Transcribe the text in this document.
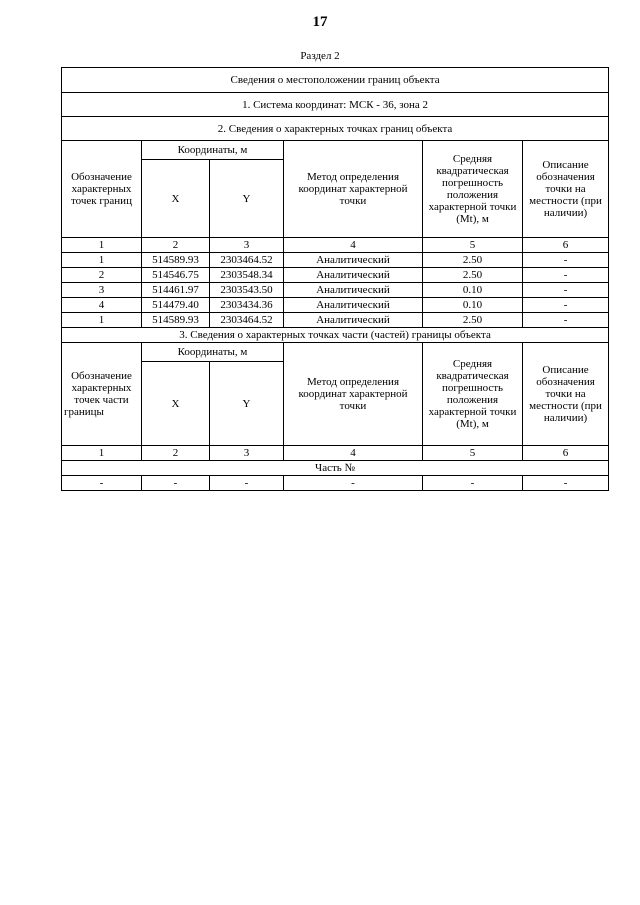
17
Раздел 2
Сведения о местоположении границ объекта					
1. Система координат: МСК - 36, зона 2					
2. Сведения о характерных точках границ объекта					
Обозначение характерных точек границ	Координаты, м		Метод определения координат характерной точки	Средняя квадратическая погрешность положения характерной точки (Mt), м	Описание обозначения точки на местности (при наличии)
	X	Y			
1	2	3	4	5	6
1	514589.93	2303464.52	Аналитический	2.50	-
2	514546.75	2303548.34	Аналитический	2.50	-
3	514461.97	2303543.50	Аналитический	0.10	-
4	514479.40	2303434.36	Аналитический	0.10	-
1	514589.93	2303464.52	Аналитический	2.50	-
3. Сведения о характерных точках части (частей) границы объекта					
Обозначение характерных точек части границы	Координаты, м		Метод определения координат характерной точки	Средняя квадратическая погрешность положения характерной точки (Mt), м	Описание обозначения точки на местности (при наличии)
	X	Y			
1	2	3	4	5	6
Часть №					
-	-	-	-	-	-
